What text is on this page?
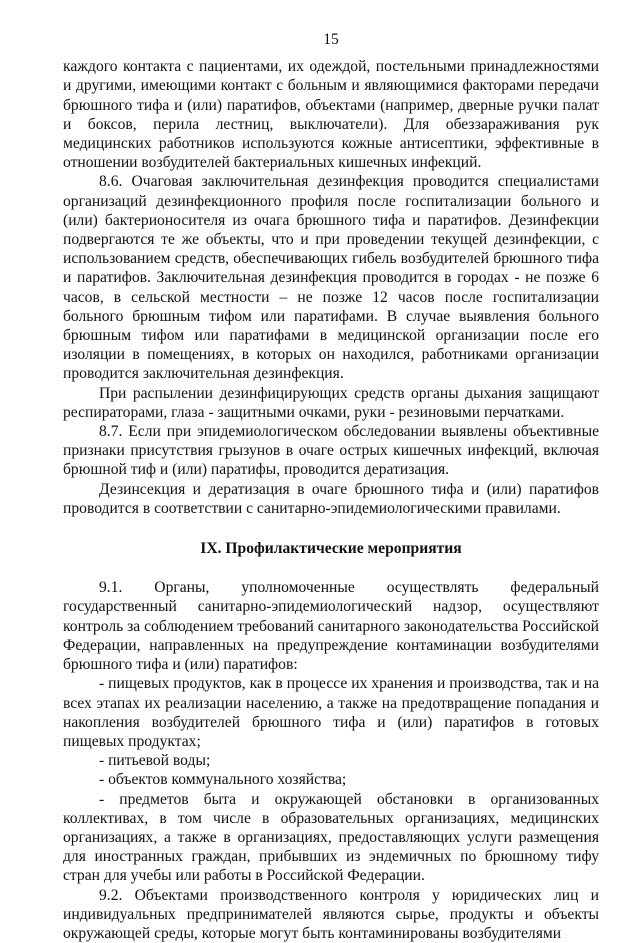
15

каждого контакта с пациентами, их одеждой, постельными принадлежностями и другими, имеющими контакт с больным и являющимися факторами передачи брюшного тифа и (или) паратифов, объектами (например, дверные ручки палат и боксов, перила лестниц, выключатели). Для обеззараживания рук медицинских работников используются кожные антисептики, эффективные в отношении возбудителей бактериальных кишечных инфекций.

8.6. Очаговая заключительная дезинфекция проводится специалистами организаций дезинфекционного профиля после госпитализации больного и (или) бактерионосителя из очага брюшного тифа и паратифов. Дезинфекции подвергаются те же объекты, что и при проведении текущей дезинфекции, с использованием средств, обеспечивающих гибель возбудителей брюшного тифа и паратифов. Заключительная дезинфекция проводится в городах - не позже 6 часов, в сельской местности – не позже 12 часов после госпитализации больного брюшным тифом или паратифами. В случае выявления больного брюшным тифом или паратифами в медицинской организации после его изоляции в помещениях, в которых он находился, работниками организации проводится заключительная дезинфекция.

При распылении дезинфицирующих средств органы дыхания защищают респираторами, глаза - защитными очками, руки - резиновыми перчатками.

8.7. Если при эпидемиологическом обследовании выявлены объективные признаки присутствия грызунов в очаге острых кишечных инфекций, включая брюшной тиф и (или) паратифы, проводится дератизация.

Дезинсекция и дератизация в очаге брюшного тифа и (или) паратифов проводится в соответствии с санитарно-эпидемиологическими правилами.

IX. Профилактические мероприятия

9.1. Органы, уполномоченные осуществлять федеральный государственный санитарно-эпидемиологический надзор, осуществляют контроль за соблюдением требований санитарного законодательства Российской Федерации, направленных на предупреждение контаминации возбудителями брюшного тифа и (или) паратифов:

- пищевых продуктов, как в процессе их хранения и производства, так и на всех этапах их реализации населению, а также на предотвращение попадания и накопления возбудителей брюшного тифа и (или) паратифов в готовых пищевых продуктах;

- питьевой воды;

- объектов коммунального хозяйства;

- предметов быта и окружающей обстановки в организованных коллективах, в том числе в образовательных организациях, медицинских организациях, а также в организациях, предоставляющих услуги размещения для иностранных граждан, прибывших из эндемичных по брюшному тифу стран для учебы или работы в Российской Федерации.

9.2. Объектами производственного контроля у юридических лиц и индивидуальных предпринимателей являются сырье, продукты и объекты окружающей среды, которые могут быть контаминированы возбудителями
